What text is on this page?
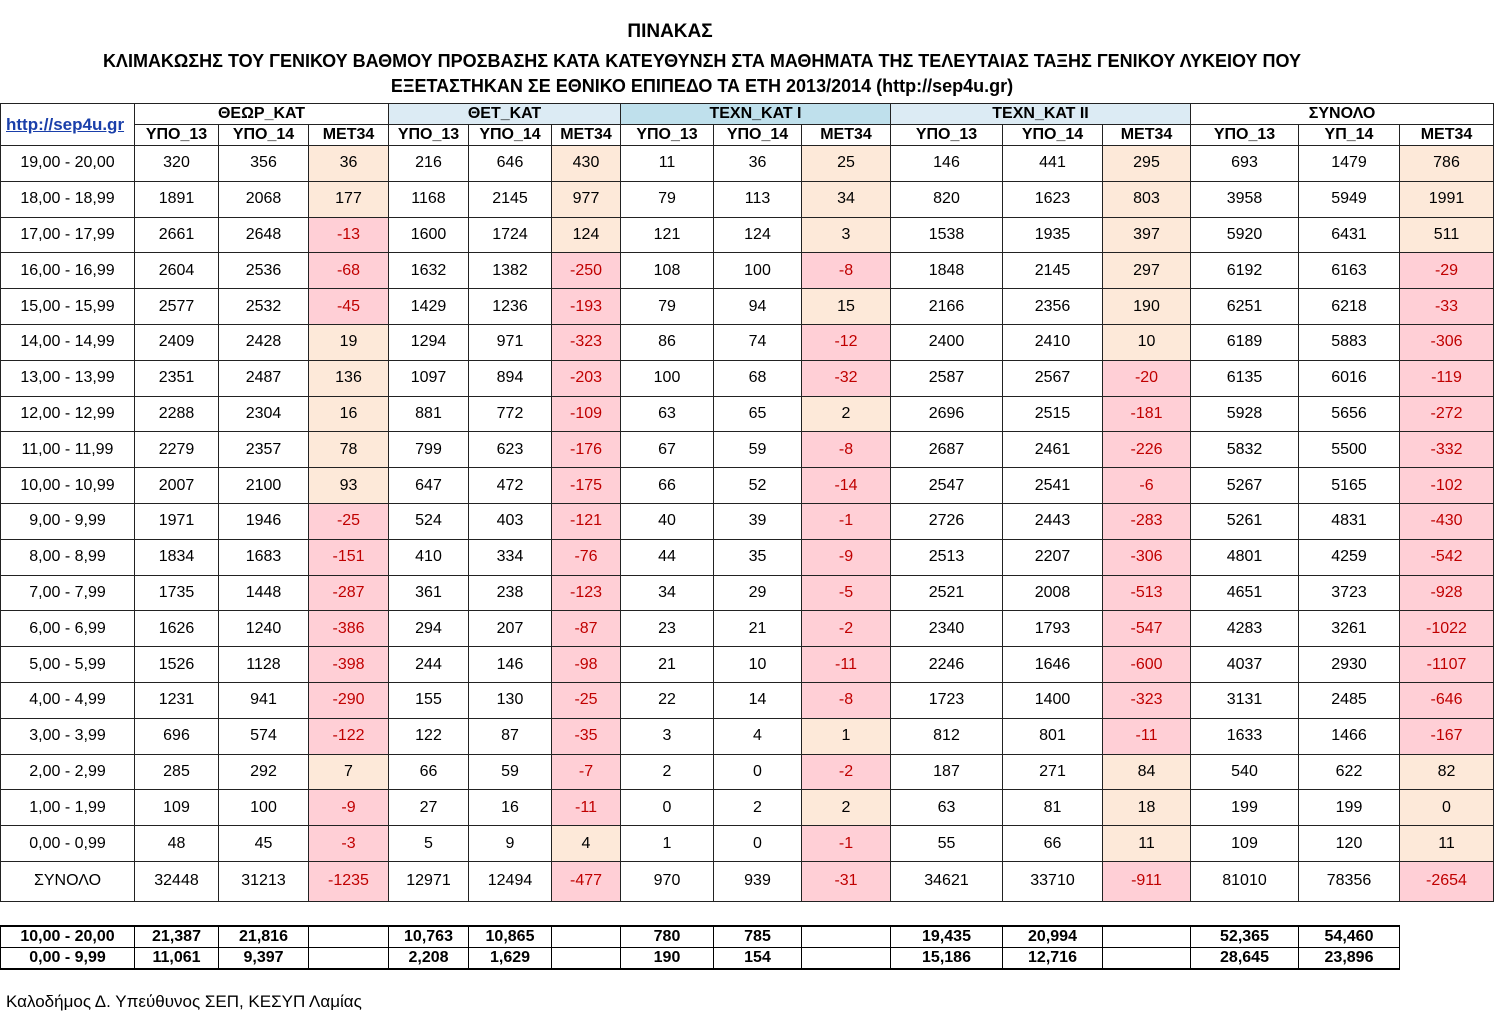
ΠΙΝΑΚΑΣ
ΚΛΙΜΑΚΩΣΗΣ ΤΟΥ ΓΕΝΙΚΟΥ ΒΑΘΜΟΥ ΠΡΟΣΒΑΣΗΣ ΚΑΤΑ ΚΑΤΕΥΘΥΝΣΗ ΣΤΑ ΜΑΘΗΜΑΤΑ ΤΗΣ ΤΕΛΕΥΤΑΙΑΣ ΤΑΞΗΣ ΓΕΝΙΚΟΥ ΛΥΚΕΙΟΥ ΠΟΥ
ΕΞΕΤΑΣΤΗΚΑΝ ΣΕ ΕΘΝΙΚΟ ΕΠΙΠΕΔΟ ΤΑ ΕΤΗ 2013/2014 (http://sep4u.gr)
http://sep4u.gr	ΘΕΩΡ_ΚΑΤ			ΘΕΤ_ΚΑΤ			ΤΕΧΝ_ΚΑΤ Ι			ΤΕΧΝ_ΚΑΤ ΙΙ			ΣΥΝΟΛΟ		
	ΥΠΟ_13	ΥΠΟ_14	ΜΕΤ34	ΥΠΟ_13	ΥΠΟ_14	ΜΕΤ34	ΥΠΟ_13	ΥΠΟ_14	ΜΕΤ34	ΥΠΟ_13	ΥΠΟ_14	ΜΕΤ34	ΥΠΟ_13	ΥΠ_14	ΜΕΤ34
19,00 - 20,00	320	356	36	216	646	430	11	36	25	146	441	295	693	1479	786
18,00 - 18,99	1891	2068	177	1168	2145	977	79	113	34	820	1623	803	3958	5949	1991
17,00 - 17,99	2661	2648	-13	1600	1724	124	121	124	3	1538	1935	397	5920	6431	511
16,00 - 16,99	2604	2536	-68	1632	1382	-250	108	100	-8	1848	2145	297	6192	6163	-29
15,00 - 15,99	2577	2532	-45	1429	1236	-193	79	94	15	2166	2356	190	6251	6218	-33
14,00 - 14,99	2409	2428	19	1294	971	-323	86	74	-12	2400	2410	10	6189	5883	-306
13,00 - 13,99	2351	2487	136	1097	894	-203	100	68	-32	2587	2567	-20	6135	6016	-119
12,00 - 12,99	2288	2304	16	881	772	-109	63	65	2	2696	2515	-181	5928	5656	-272
11,00 - 11,99	2279	2357	78	799	623	-176	67	59	-8	2687	2461	-226	5832	5500	-332
10,00 - 10,99	2007	2100	93	647	472	-175	66	52	-14	2547	2541	-6	5267	5165	-102
9,00 - 9,99	1971	1946	-25	524	403	-121	40	39	-1	2726	2443	-283	5261	4831	-430
8,00 - 8,99	1834	1683	-151	410	334	-76	44	35	-9	2513	2207	-306	4801	4259	-542
7,00 - 7,99	1735	1448	-287	361	238	-123	34	29	-5	2521	2008	-513	4651	3723	-928
6,00 - 6,99	1626	1240	-386	294	207	-87	23	21	-2	2340	1793	-547	4283	3261	-1022
5,00 - 5,99	1526	1128	-398	244	146	-98	21	10	-11	2246	1646	-600	4037	2930	-1107
4,00 - 4,99	1231	941	-290	155	130	-25	22	14	-8	1723	1400	-323	3131	2485	-646
3,00 - 3,99	696	574	-122	122	87	-35	3	4	1	812	801	-11	1633	1466	-167
2,00 - 2,99	285	292	7	66	59	-7	2	0	-2	187	271	84	540	622	82
1,00 - 1,99	109	100	-9	27	16	-11	0	2	2	63	81	18	199	199	0
0,00 - 0,99	48	45	-3	5	9	4	1	0	-1	55	66	11	109	120	11
ΣΥΝΟΛΟ	32448	31213	-1235	12971	12494	-477	970	939	-31	34621	33710	-911	81010	78356	-2654
10,00 - 20,00	21,387	21,816		10,763	10,865		780	785		19,435	20,994		52,365	54,460
0,00 - 9,99	11,061	9,397		2,208	1,629		190	154		15,186	12,716		28,645	23,896
Καλοδήμος Δ. Υπεύθυνος ΣΕΠ, ΚΕΣΥΠ Λαμίας
